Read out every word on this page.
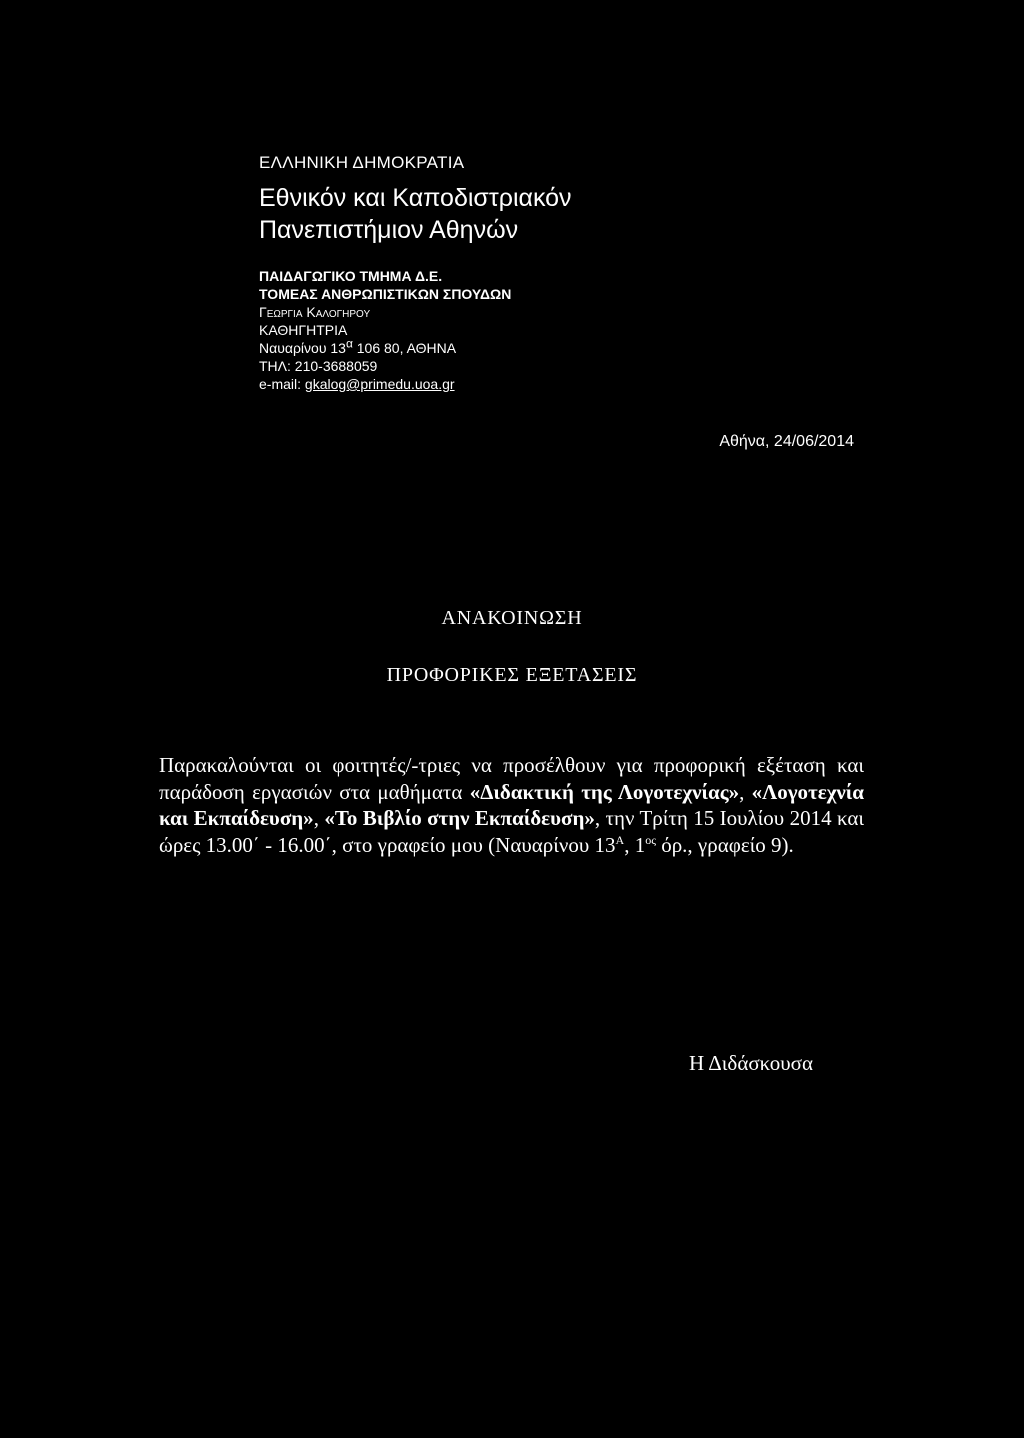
ΕΛΛΗΝΙΚΗ ΔΗΜΟΚΡΑΤΙΑ
Εθνικόν και Καποδιστριακόν
Πανεπιστήμιον Αθηνών
ΠΑΙΔΑΓΩΓΙΚΟ ΤΜΗΜΑ Δ.Ε.
ΤΟΜΕΑΣ ΑΝΘΡΩΠΙΣΤΙΚΩΝ ΣΠΟΥΔΩΝ
Γεωργια Καλογηρου
ΚΑΘΗΓΗΤΡΙΑ
Ναυαρίνου $13^\alpha$ 106 80, ΑΘΗΝΑ
ΤΗΛ: 210-3688059
e-mail: gkalog@primedu.uoa.gr
Αθήνα, 24/06/2014
ΑΝΑΚΟΙΝΩΣΗ
ΠΡΟΦΟΡΙΚΕΣ ΕΞΕΤΑΣΕΙΣ

Παρακαλούνται οι φοιτητές/-τριες να προσέλθουν για προφορική εξέταση και παράδοση εργασιών στα μαθήματα «Διδακτική της Λογοτεχνίας», «Λογοτεχνία και Εκπαίδευση», «Το Βιβλίο στην Εκπαίδευση», την Τρίτη 15 Ιουλίου 2014 και ώρες 13.00΄ - 16.00΄, στο γραφείο μου (Ναυαρίνου $13^A$, $1^{o\varsigma}$ όρ., γραφείο 9).

Η Διδάσκουσα
